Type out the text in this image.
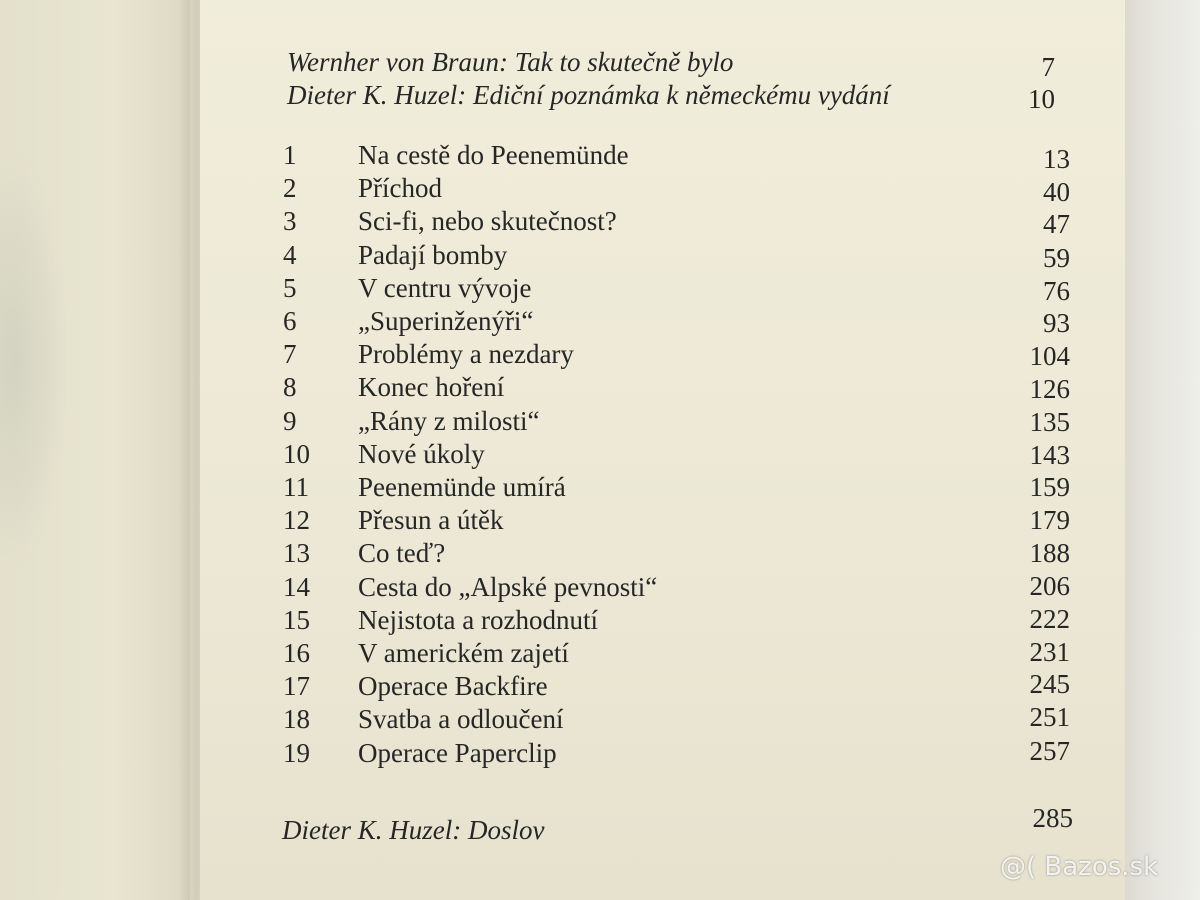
Wernher von Braun: Tak to skutečně bylo	7
Dieter K. Huzel: Ediční poznámka k německému vydání	10
1	Na cestě do Peenemünde	13
2	Příchod	40
3	Sci-fi, nebo skutečnost?	47
4	Padají bomby	59
5	V centru vývoje	76
6	„Superinženýři“	93
7	Problémy a nezdary	104
8	Konec hoření	126
9	„Rány z milosti“	135
10	Nové úkoly	143
11	Peenemünde umírá	159
12	Přesun a útěk	179
13	Co teď?	188
14	Cesta do „Alpské pevnosti“	206
15	Nejistota a rozhodnutí	222
16	V americkém zajetí	231
17	Operace Backfire	245
18	Svatba a odloučení	251
19	Operace Paperclip	257
Dieter K. Huzel: Doslov	285
@( Bazos.sk
